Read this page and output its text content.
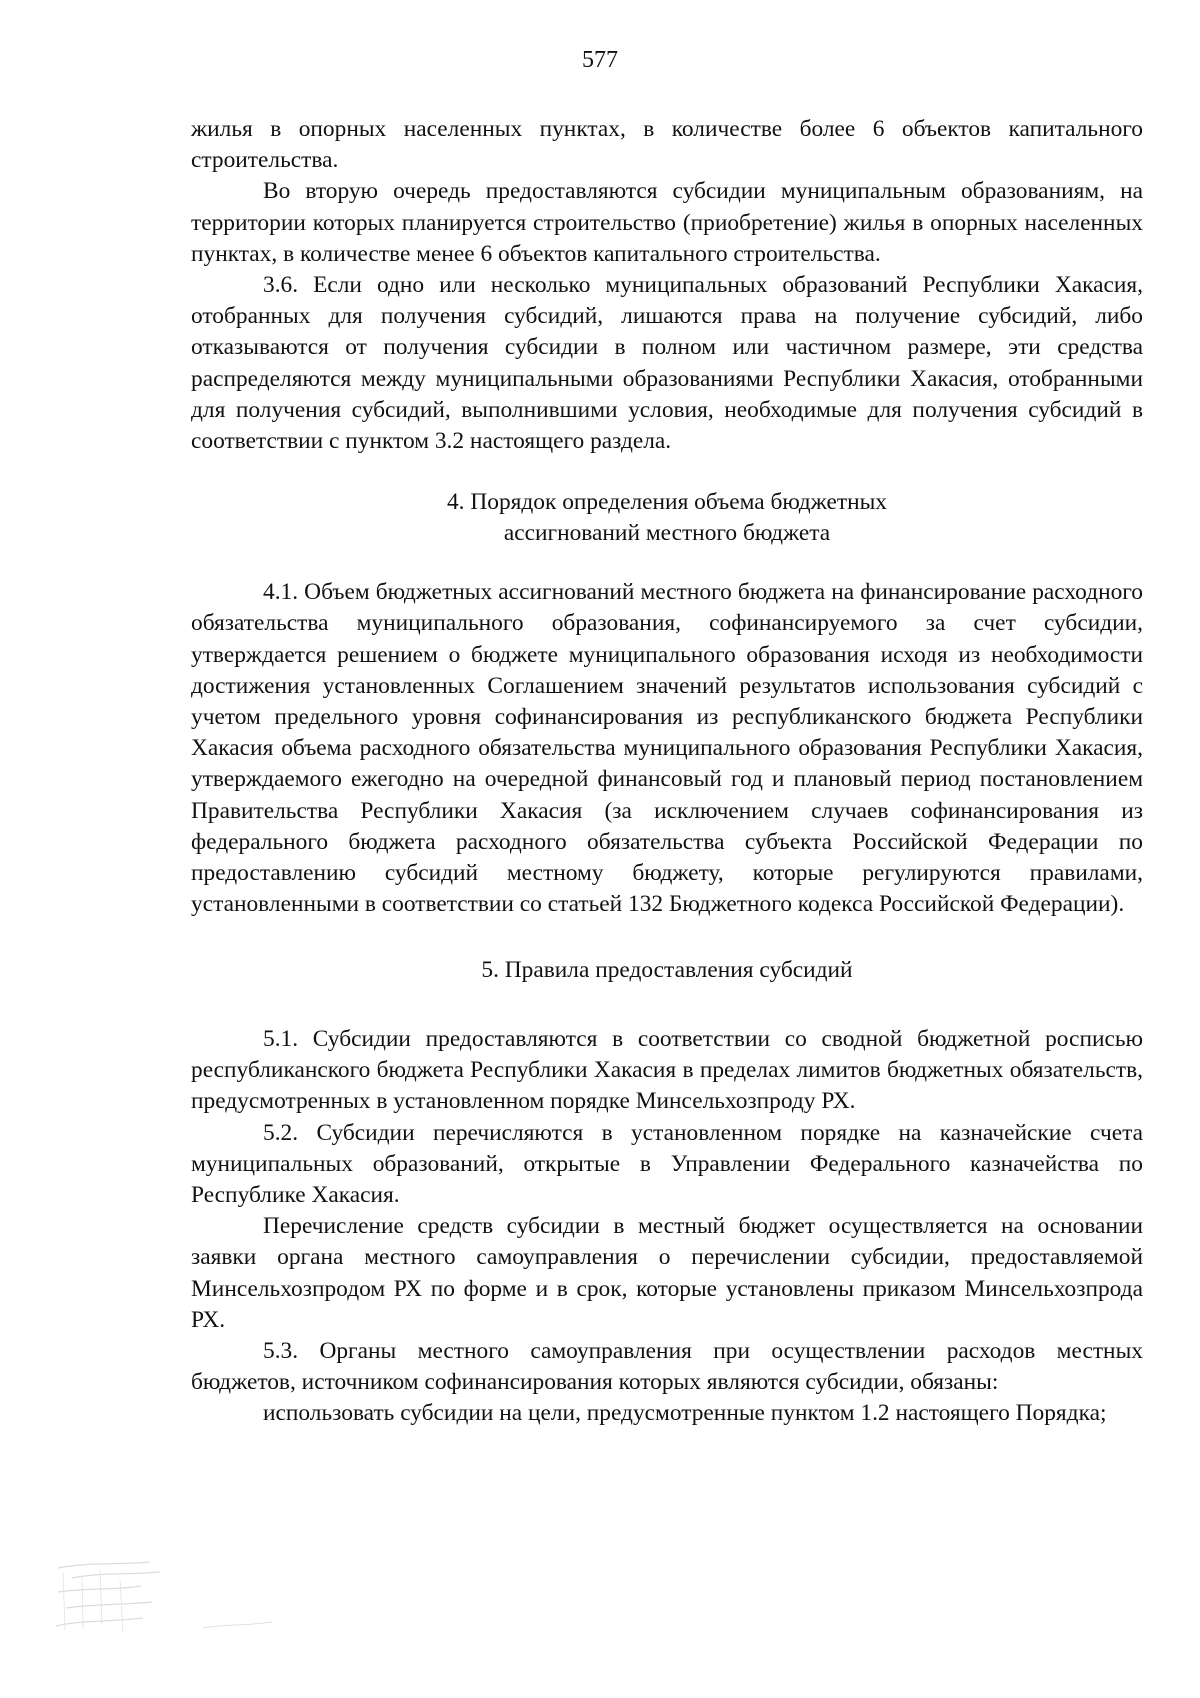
577

жилья в опорных населенных пунктах, в количестве более 6 объектов капитального строительства.

Во вторую очередь предоставляются субсидии муниципальным образованиям, на территории которых планируется строительство (приобретение) жилья в опорных населенных пунктах, в количестве менее 6 объектов капитального строительства.

3.6. Если одно или несколько муниципальных образований Республики Хакасия, отобранных для получения субсидий, лишаются права на получение субсидий, либо отказываются от получения субсидии в полном или частичном размере, эти средства распределяются между муниципальными образованиями Республики Хакасия, отобранными для получения субсидий, выполнившими условия, необходимые для получения субсидий в соответствии с пунктом 3.2 настоящего раздела.

4. Порядок определения объема бюджетных
ассигнований местного бюджета

4.1. Объем бюджетных ассигнований местного бюджета на финансирование расходного обязательства муниципального образования, софинансируемого за счет субсидии, утверждается решением о бюджете муниципального образования исходя из необходимости достижения установленных Соглашением значений результатов использования субсидий с учетом предельного уровня софинансирования из республиканского бюджета Республики Хакасия объема расходного обязательства муниципального образования Республики Хакасия, утверждаемого ежегодно на очередной финансовый год и плановый период постановлением Правительства Республики Хакасия (за исключением случаев софинансирования из федерального бюджета расходного обязательства субъекта Российской Федерации по предоставлению субсидий местному бюджету, которые регулируются правилами, установленными в соответствии со статьей 132 Бюджетного кодекса Российской Федерации).

5. Правила предоставления субсидий

5.1. Субсидии предоставляются в соответствии со сводной бюджетной росписью республиканского бюджета Республики Хакасия в пределах лимитов бюджетных обязательств, предусмотренных в установленном порядке Минсельхозпроду РХ.

5.2. Субсидии перечисляются в установленном порядке на казначейские счета муниципальных образований, открытые в Управлении Федерального казначейства по Республике Хакасия.

Перечисление средств субсидии в местный бюджет осуществляется на основании заявки органа местного самоуправления о перечислении субсидии, предоставляемой Минсельхозпродом РХ по форме и в срок, которые установлены приказом Минсельхозпрода РХ.

5.3. Органы местного самоуправления при осуществлении расходов местных бюджетов, источником софинансирования которых являются субсидии, обязаны:

использовать субсидии на цели, предусмотренные пунктом 1.2 настоящего Порядка;
